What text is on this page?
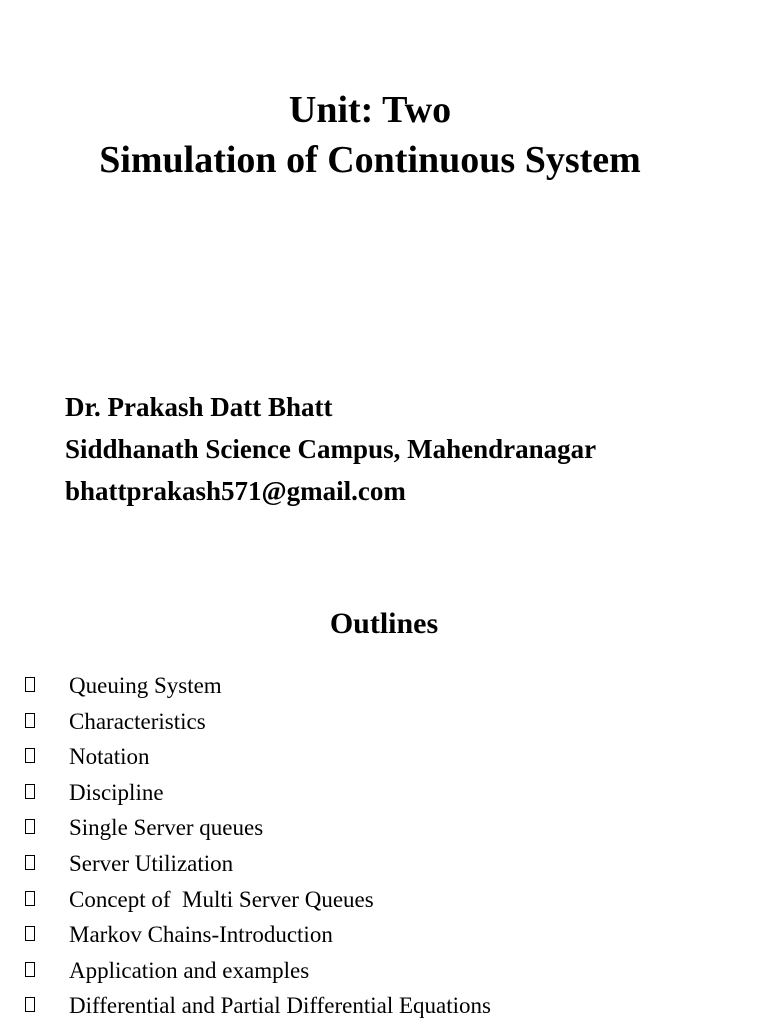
Unit: Two
Simulation of Continuous System
Dr. Prakash Datt Bhatt
Siddhanath Science Campus, Mahendranagar
bhattprakash571@gmail.com
Outlines
Queuing System
Characteristics
Notation
Discipline
Single Server queues
Server Utilization
Concept of  Multi Server Queues
Markov Chains-Introduction
Application and examples
Differential and Partial Differential Equations
